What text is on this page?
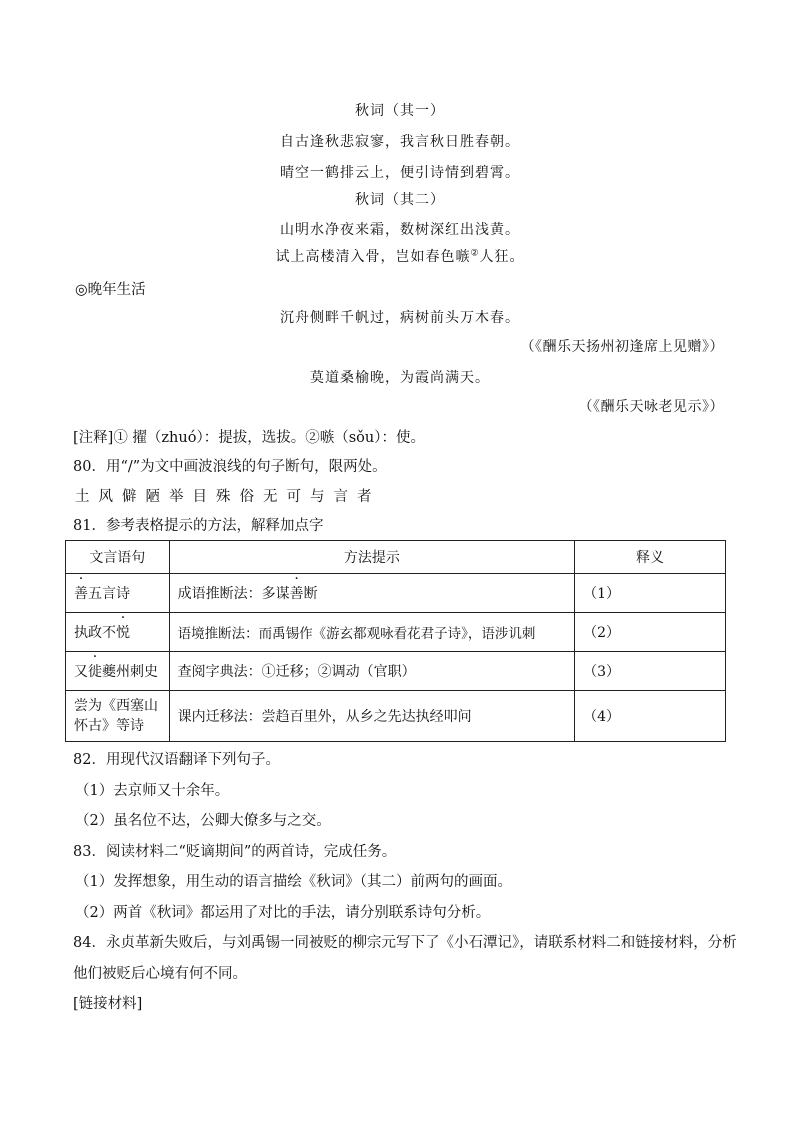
秋词（其一）
自古逢秋悲寂寥，我言秋日胜春朝。
晴空一鹤排云上，便引诗情到碧霄。
秋词（其二）
山明水净夜来霜，数树深红出浅黄。
试上高楼清入骨，岂如春色嗾②人狂。
◎晚年生活
沉舟侧畔千帆过，病树前头万木春。
（《酬乐天扬州初逢席上见赠》）
莫道桑榆晚，为霞尚满天。
（《酬乐天咏老见示》）
[注释]① 擢（zhuó）：提拔，选拔。②嗾（sǒu）：使。
80．用“/”为文中画波浪线的句子断句，限两处。
土风僻陋举目殊俗无可与言者
81．参考表格提示的方法，解释加点字
文言语句	方法提示	释义
善五言诗	成语推断法：多谋善断	（1）
执政不悦	语境推断法：而禹锡作《游玄都观咏看花君子诗》，语涉讥刺	（2）
又徙夔州刺史	查阅字典法：①迁移；②调动（官职）	（3）
尝为《西塞山怀古》等诗	课内迁移法：尝趋百里外，从乡之先达执经叩问	（4）
82．用现代汉语翻译下列句子。
（1）去京师又十余年。
（2）虽名位不达，公卿大僚多与之交。
83．阅读材料二“贬谪期间”的两首诗，完成任务。
（1）发挥想象，用生动的语言描绘《秋词》（其二）前两句的画面。
（2）两首《秋词》都运用了对比的手法，请分别联系诗句分析。
84．永贞革新失败后，与刘禹锡一同被贬的柳宗元写下了《小石潭记》，请联系材料二和链接材料，分析
他们被贬后心境有何不同。
[链接材料]
